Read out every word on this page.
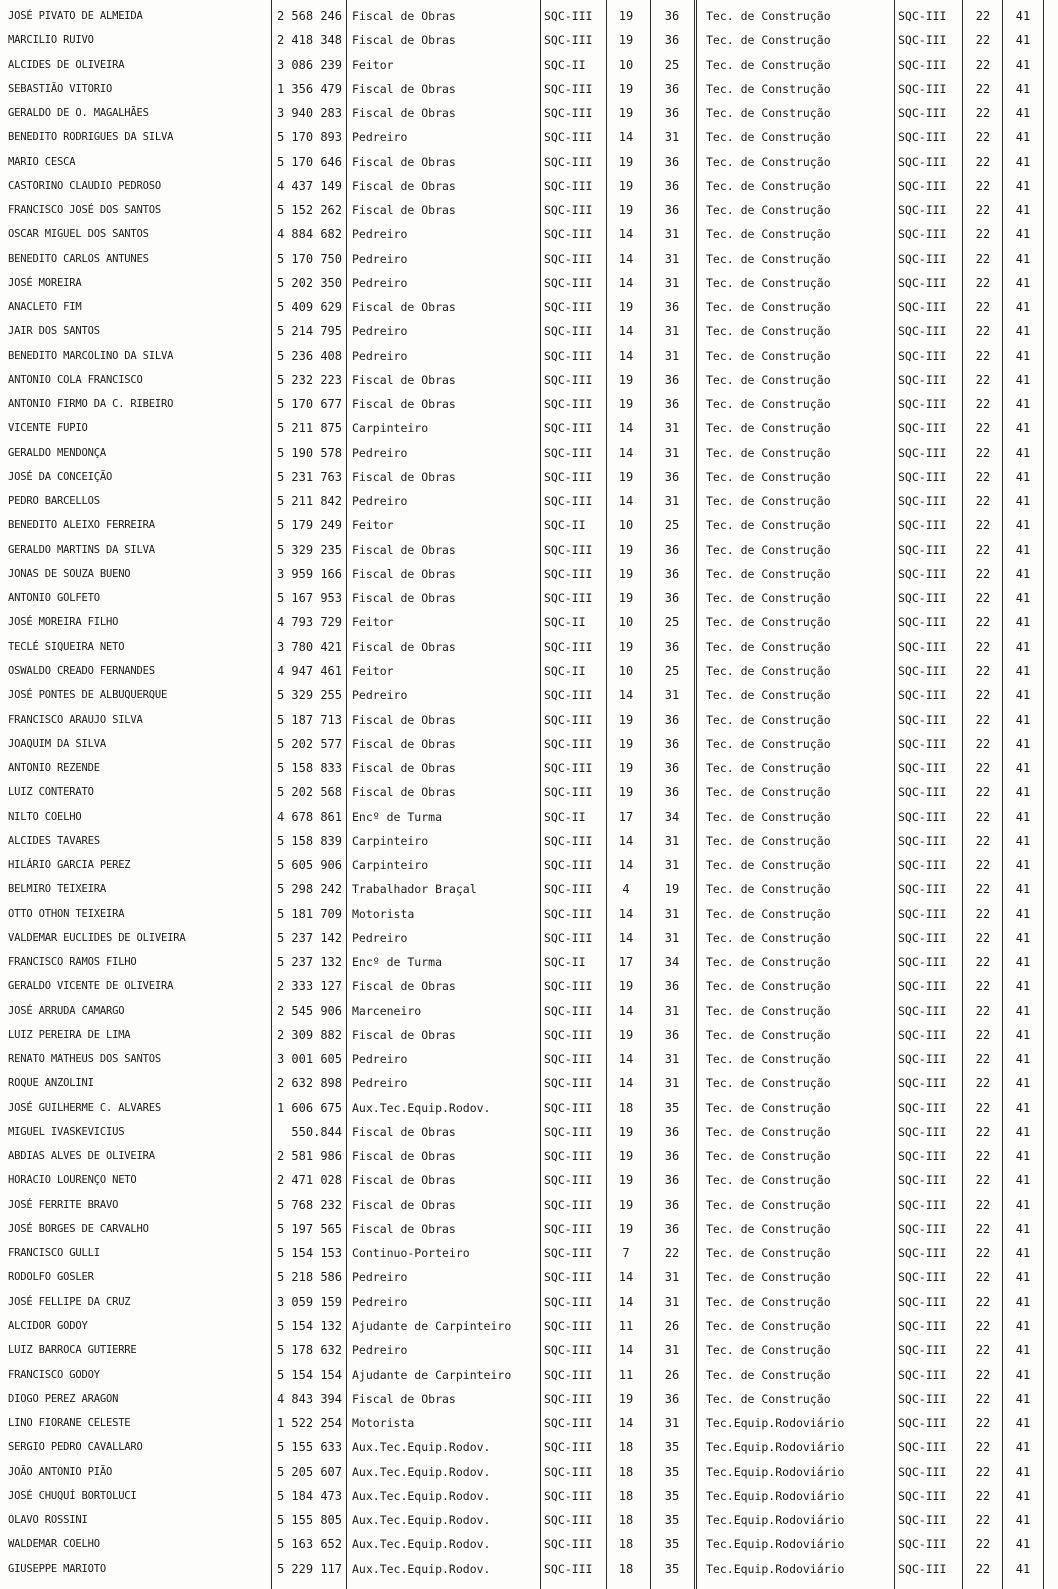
JOSÉ PIVATO DE ALMEIDA	2 568 246 Fiscal de Obras	SQC-III	19	36	Tec. de Construção	SQC-III	22	41
MARCILIO RUIVO	2 418 348 Fiscal de Obras	SQC-III	19	36	Tec. de Construção	SQC-III	22	41
ALCIDES DE OLIVEIRA	3 086 239 Feitor	SQC-II	10	25	Tec. de Construção	SQC-III	22	41
SEBASTIÃO VITORIO	1 356 479 Fiscal de Obras	SQC-III	19	36	Tec. de Construção	SQC-III	22	41
GERALDO DE O. MAGALHÃES	3 940 283 Fiscal de Obras	SQC-III	19	36	Tec. de Construção	SQC-III	22	41
BENEDITO RODRIGUES DA SILVA	5 170 893 Pedreiro	SQC-III	14	31	Tec. de Construção	SQC-III	22	41
MARIO CESCA	5 170 646 Fiscal de Obras	SQC-III	19	36	Tec. de Construção	SQC-III	22	41
CASTORINO CLAUDIO PEDROSO	4 437 149 Fiscal de Obras	SQC-III	19	36	Tec. de Construção	SQC-III	22	41
FRANCISCO JOSÉ DOS SANTOS	5 152 262 Fiscal de Obras	SQC-III	19	36	Tec. de Construção	SQC-III	22	41
OSCAR MIGUEL DOS SANTOS	4 884 682 Pedreiro	SQC-III	14	31	Tec. de Construção	SQC-III	22	41
BENEDITO CARLOS ANTUNES	5 170 750 Pedreiro	SQC-III	14	31	Tec. de Construção	SQC-III	22	41
JOSÉ MOREIRA	5 202 350 Pedreiro	SQC-III	14	31	Tec. de Construção	SQC-III	22	41
ANACLETO FIM	5 409 629 Fiscal de Obras	SQC-III	19	36	Tec. de Construção	SQC-III	22	41
JAIR DOS SANTOS	5 214 795 Pedreiro	SQC-III	14	31	Tec. de Construção	SQC-III	22	41
BENEDITO MARCOLINO DA SILVA	5 236 408 Pedreiro	SQC-III	14	31	Tec. de Construção	SQC-III	22	41
ANTONIO COLA FRANCISCO	5 232 223 Fiscal de Obras	SQC-III	19	36	Tec. de Construção	SQC-III	22	41
ANTONIO FIRMO DA C. RIBEIRO	5 170 677 Fiscal de Obras	SQC-III	19	36	Tec. de Construção	SQC-III	22	41
VICENTE FUPIO	5 211 875 Carpinteiro	SQC-III	14	31	Tec. de Construção	SQC-III	22	41
GERALDO MENDONÇA	5 190 578 Pedreiro	SQC-III	14	31	Tec. de Construção	SQC-III	22	41
JOSÉ DA CONCEIÇÃO	5 231 763 Fiscal de Obras	SQC-III	19	36	Tec. de Construção	SQC-III	22	41
PEDRO BARCELLOS	5 211 842 Pedreiro	SQC-III	14	31	Tec. de Construção	SQC-III	22	41
BENEDITO ALEIXO FERREIRA	5 179 249 Feitor	SQC-II	10	25	Tec. de Construção	SQC-III	22	41
GERALDO MARTINS DA SILVA	5 329 235 Fiscal de Obras	SQC-III	19	36	Tec. de Construção	SQC-III	22	41
JONAS DE SOUZA BUENO	3 959 166 Fiscal de Obras	SQC-III	19	36	Tec. de Construção	SQC-III	22	41
ANTONIO GOLFETO	5 167 953 Fiscal de Obras	SQC-III	19	36	Tec. de Construção	SQC-III	22	41
JOSÉ MOREIRA FILHO	4 793 729 Feitor	SQC-II	10	25	Tec. de Construção	SQC-III	22	41
TECLÉ SIQUEIRA NETO	3 780 421 Fiscal de Obras	SQC-III	19	36	Tec. de Construção	SQC-III	22	41
OSWALDO CREADO FERNANDES	4 947 461 Feitor	SQC-II	10	25	Tec. de Construção	SQC-III	22	41
JOSÉ PONTES DE ALBUQUERQUE	5 329 255 Pedreiro	SQC-III	14	31	Tec. de Construção	SQC-III	22	41
FRANCISCO ARAUJO SILVA	5 187 713 Fiscal de Obras	SQC-III	19	36	Tec. de Construção	SQC-III	22	41
JOAQUIM DA SILVA	5 202 577 Fiscal de Obras	SQC-III	19	36	Tec. de Construção	SQC-III	22	41
ANTONIO REZENDE	5 158 833 Fiscal de Obras	SQC-III	19	36	Tec. de Construção	SQC-III	22	41
LUIZ CONTERATO	5 202 568 Fiscal de Obras	SQC-III	19	36	Tec. de Construção	SQC-III	22	41
NILTO COELHO	4 678 861 Encº de Turma	SQC-II	17	34	Tec. de Construção	SQC-III	22	41
ALCIDES TAVARES	5 158 839 Carpinteiro	SQC-III	14	31	Tec. de Construção	SQC-III	22	41
HILÁRIO GARCIA PEREZ	5 605 906 Carpinteiro	SQC-III	14	31	Tec. de Construção	SQC-III	22	41
BELMIRO TEIXEIRA	5 298 242 Trabalhador Braçal	SQC-III	4	19	Tec. de Construção	SQC-III	22	41
OTTO OTHON TEIXEIRA	5 181 709 Motorista	SQC-III	14	31	Tec. de Construção	SQC-III	22	41
VALDEMAR EUCLIDES DE OLIVEIRA	5 237 142 Pedreiro	SQC-III	14	31	Tec. de Construção	SQC-III	22	41
FRANCISCO RAMOS FILHO	5 237 132 Encº de Turma	SQC-II	17	34	Tec. de Construção	SQC-III	22	41
GERALDO VICENTE DE OLIVEIRA	2 333 127 Fiscal de Obras	SQC-III	19	36	Tec. de Construção	SQC-III	22	41
JOSÉ ARRUDA CAMARGO	2 545 906 Marceneiro	SQC-III	14	31	Tec. de Construção	SQC-III	22	41
LUIZ PEREIRA DE LIMA	2 309 882 Fiscal de Obras	SQC-III	19	36	Tec. de Construção	SQC-III	22	41
RENATO MATHEUS DOS SANTOS	3 001 605 Pedreiro	SQC-III	14	31	Tec. de Construção	SQC-III	22	41
ROQUE ANZOLINI	2 632 898 Pedreiro	SQC-III	14	31	Tec. de Construção	SQC-III	22	41
JOSÉ GUILHERME C. ALVARES	1 606 675 Aux.Tec.Equip.Rodov.	SQC-III	18	35	Tec. de Construção	SQC-III	22	41
MIGUEL IVASKEVICIUS	550.844 Fiscal de Obras	SQC-III	19	36	Tec. de Construção	SQC-III	22	41
ABDIAS ALVES DE OLIVEIRA	2 581 986 Fiscal de Obras	SQC-III	19	36	Tec. de Construção	SQC-III	22	41
HORACIO LOURENÇO NETO	2 471 028 Fiscal de Obras	SQC-III	19	36	Tec. de Construção	SQC-III	22	41
JOSÉ FERRITE BRAVO	5 768 232 Fiscal de Obras	SQC-III	19	36	Tec. de Construção	SQC-III	22	41
JOSÉ BORGES DE CARVALHO	5 197 565 Fiscal de Obras	SQC-III	19	36	Tec. de Construção	SQC-III	22	41
FRANCISCO GULLI	5 154 153 Continuo-Porteiro	SQC-III	7	22	Tec. de Construção	SQC-III	22	41
RODOLFO GOSLER	5 218 586 Pedreiro	SQC-III	14	31	Tec. de Construção	SQC-III	22	41
JOSÉ FELLIPE DA CRUZ	3 059 159 Pedreiro	SQC-III	14	31	Tec. de Construção	SQC-III	22	41
ALCIDOR GODOY	5 154 132 Ajudante de Carpinteiro	SQC-III	11	26	Tec. de Construção	SQC-III	22	41
LUIZ BARROCA GUTIERRE	5 178 632 Pedreiro	SQC-III	14	31	Tec. de Construção	SQC-III	22	41
FRANCISCO GODOY	5 154 154 Ajudante de Carpinteiro	SQC-III	11	26	Tec. de Construção	SQC-III	22	41
DIOGO PEREZ ARAGON	4 843 394 Fiscal de Obras	SQC-III	19	36	Tec. de Construção	SQC-III	22	41
LINO FIORANE CELESTE	1 522 254 Motorista	SQC-III	14	31	Tec.Equip.Rodoviário	SQC-III	22	41
SERGIO PEDRO CAVALLARO	5 155 633 Aux.Tec.Equip.Rodov.	SQC-III	18	35	Tec.Equip.Rodoviário	SQC-III	22	41
JOÃO ANTONIO PIÃO	5 205 607 Aux.Tec.Equip.Rodov.	SQC-III	18	35	Tec.Equip.Rodoviário	SQC-III	22	41
JOSÉ CHUQUÍ BORTOLUCI	5 184 473 Aux.Tec.Equip.Rodov.	SQC-III	18	35	Tec.Equip.Rodoviário	SQC-III	22	41
OLAVO ROSSINI	5 155 805 Aux.Tec.Equip.Rodov.	SQC-III	18	35	Tec.Equip.Rodoviário	SQC-III	22	41
WALDEMAR COELHO	5 163 652 Aux.Tec.Equip.Rodov.	SQC-III	18	35	Tec.Equip.Rodoviário	SQC-III	22	41
GIUSEPPE MARIOTO	5 229 117 Aux.Tec.Equip.Rodov.	SQC-III	18	35	Tec.Equip.Rodoviário	SQC-III	22	41
